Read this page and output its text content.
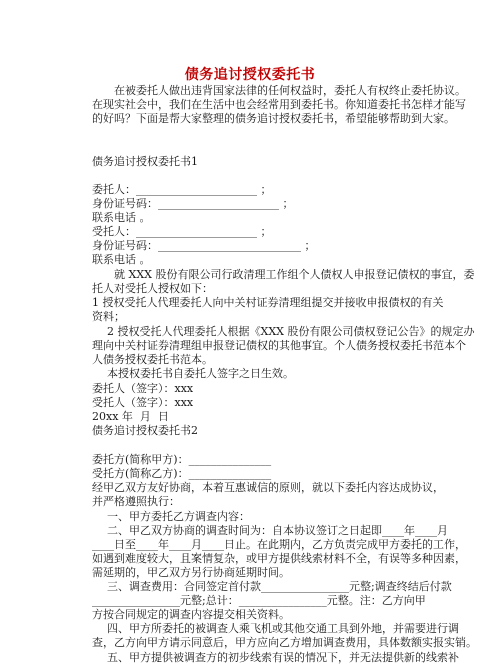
债务追讨授权委托书
在被委托人做出违背国家法律的任何权益时，委托人有权终止委托协议。
在现实社会中，我们在生活中也会经常用到委托书。你知道委托书怎样才能写
的好吗？下面是帮大家整理的债务追讨授权委托书，希望能够帮助到大家。
债务追讨授权委托书1
委托人：______________________ ；
身份证号码：______________________ ；
联系电话 。
受托人：______________________ ；
身份证号码：__________________________ ；
联系电话 。
就 XXX 股份有限公司行政清理工作组个人债权人申报登记债权的事宜，委
托人对受托人授权如下：
1 授权受托人代理委托人向中关村证券清理组提交并接收申报债权的有关
资料；
2 授权受托人代理委托人根据《XXX 股份有限公司债权登记公告》的规定办
理向中关村证券清理组申报登记债权的其他事宜。个人债务授权委托书范本个
人债务授权委托书范本。
本授权委托书自委托人签字之日生效。
委托人（签字）：xxx
受托人（签字）：xxx
20xx 年  月  日
债务追讨授权委托书2
委托方(简称甲方)：_______________
受托方(简称乙方)：_______________
经甲乙双方友好协商，本着互惠诚信的原则，就以下委托内容达成协议，
并严格遵照执行：
一、甲方委托乙方调查内容：
二、甲乙双方协商的调查时间为：自本协议签订之日起即____年____月
____日至____年____月____日止。在此期内，乙方负责完成甲方委托的工作，
如遇到难度较大，且案情复杂，或甲方提供线索材料不全，有误等多种因素，
需延期的，甲乙双方另行协商延期时间。
三、调查费用：合同签定首付款________________元整;调查终结后付款
________________元整;总计：________________元整。注：乙方向甲
方按合同规定的调查内容提交相关资料。
四、甲方所委托的被调查人乘飞机或其他交通工具到外地，并需要进行调
查，乙方向甲方请示同意后，甲方应向乙方增加调查费用，具体数额实报实销。
五、甲方提供被调查方的初步线索有误的情况下，并无法提供新的线索补
